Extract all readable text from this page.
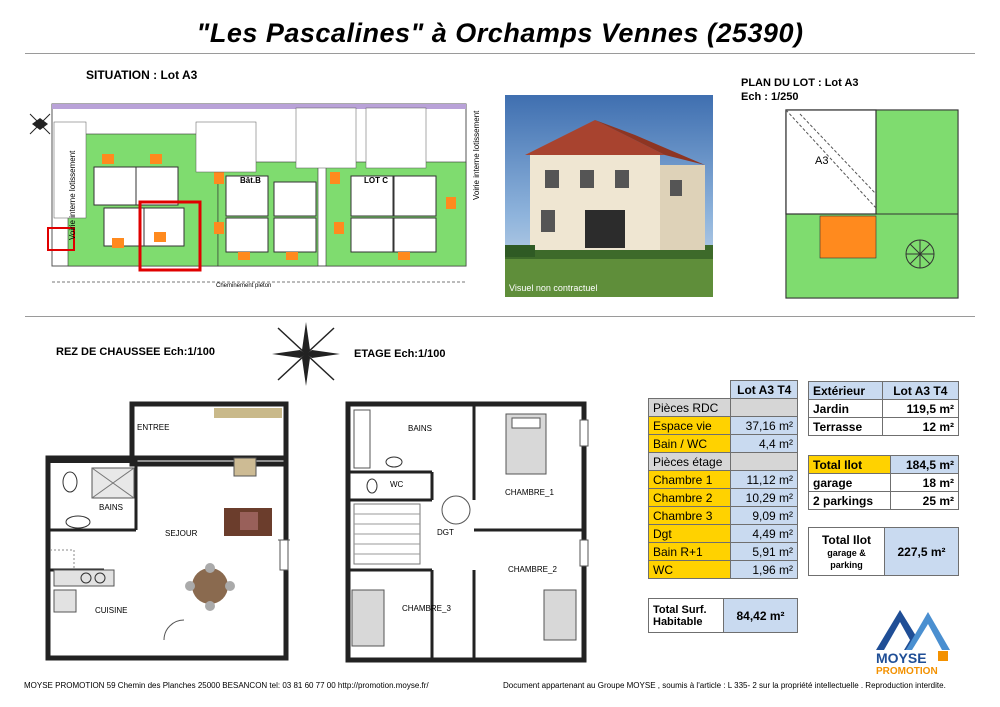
"Les Pascalines" à Orchamps Vennes (25390)
SITUATION : Lot A3
Voirie interne lotissement	Voirie interne lotissement
Bât.B	LOT C
Cheminement piéton	Visuel non contractuel
PLAN DU LOT : Lot A3
Ech : 1/250
A3
REZ DE CHAUSSEE Ech:1/100
ENTREE
BAINS
SEJOUR
CUISINE
ETAGE Ech:1/100
BAINS
WC
DGT
CHAMBRE_1
CHAMBRE_2
CHAMBRE_3
	Lot A3 T4
Pièces RDC	
Espace vie	37,16 m²
Bain / WC	4,4 m²
Pièces étage	
Chambre 1	11,12 m²
Chambre 2	10,29 m²
Chambre 3	9,09 m²
Dgt	4,49 m²
Bain R+1	5,91 m²
WC	1,96 m²
Total Surf. Habitable	84,42 m²
Extérieur	Lot A3 T4
Jardin	119,5 m²
Terrasse	12 m²
Total Ilot	184,5 m²
garage	18 m²
2 parkings	25 m²
Total Ilot
garage & parking
	227,5 m²
MOYSE
PROMOTION
MOYSE PROMOTION 59 Chemin des Planches 25000 BESANCON tel: 03 81 60 77 00 http://promotion.moyse.fr/	Document appartenant au Groupe MOYSE , soumis à l'article : L 335- 2 sur la propriété intellectuelle . Reproduction interdite.
